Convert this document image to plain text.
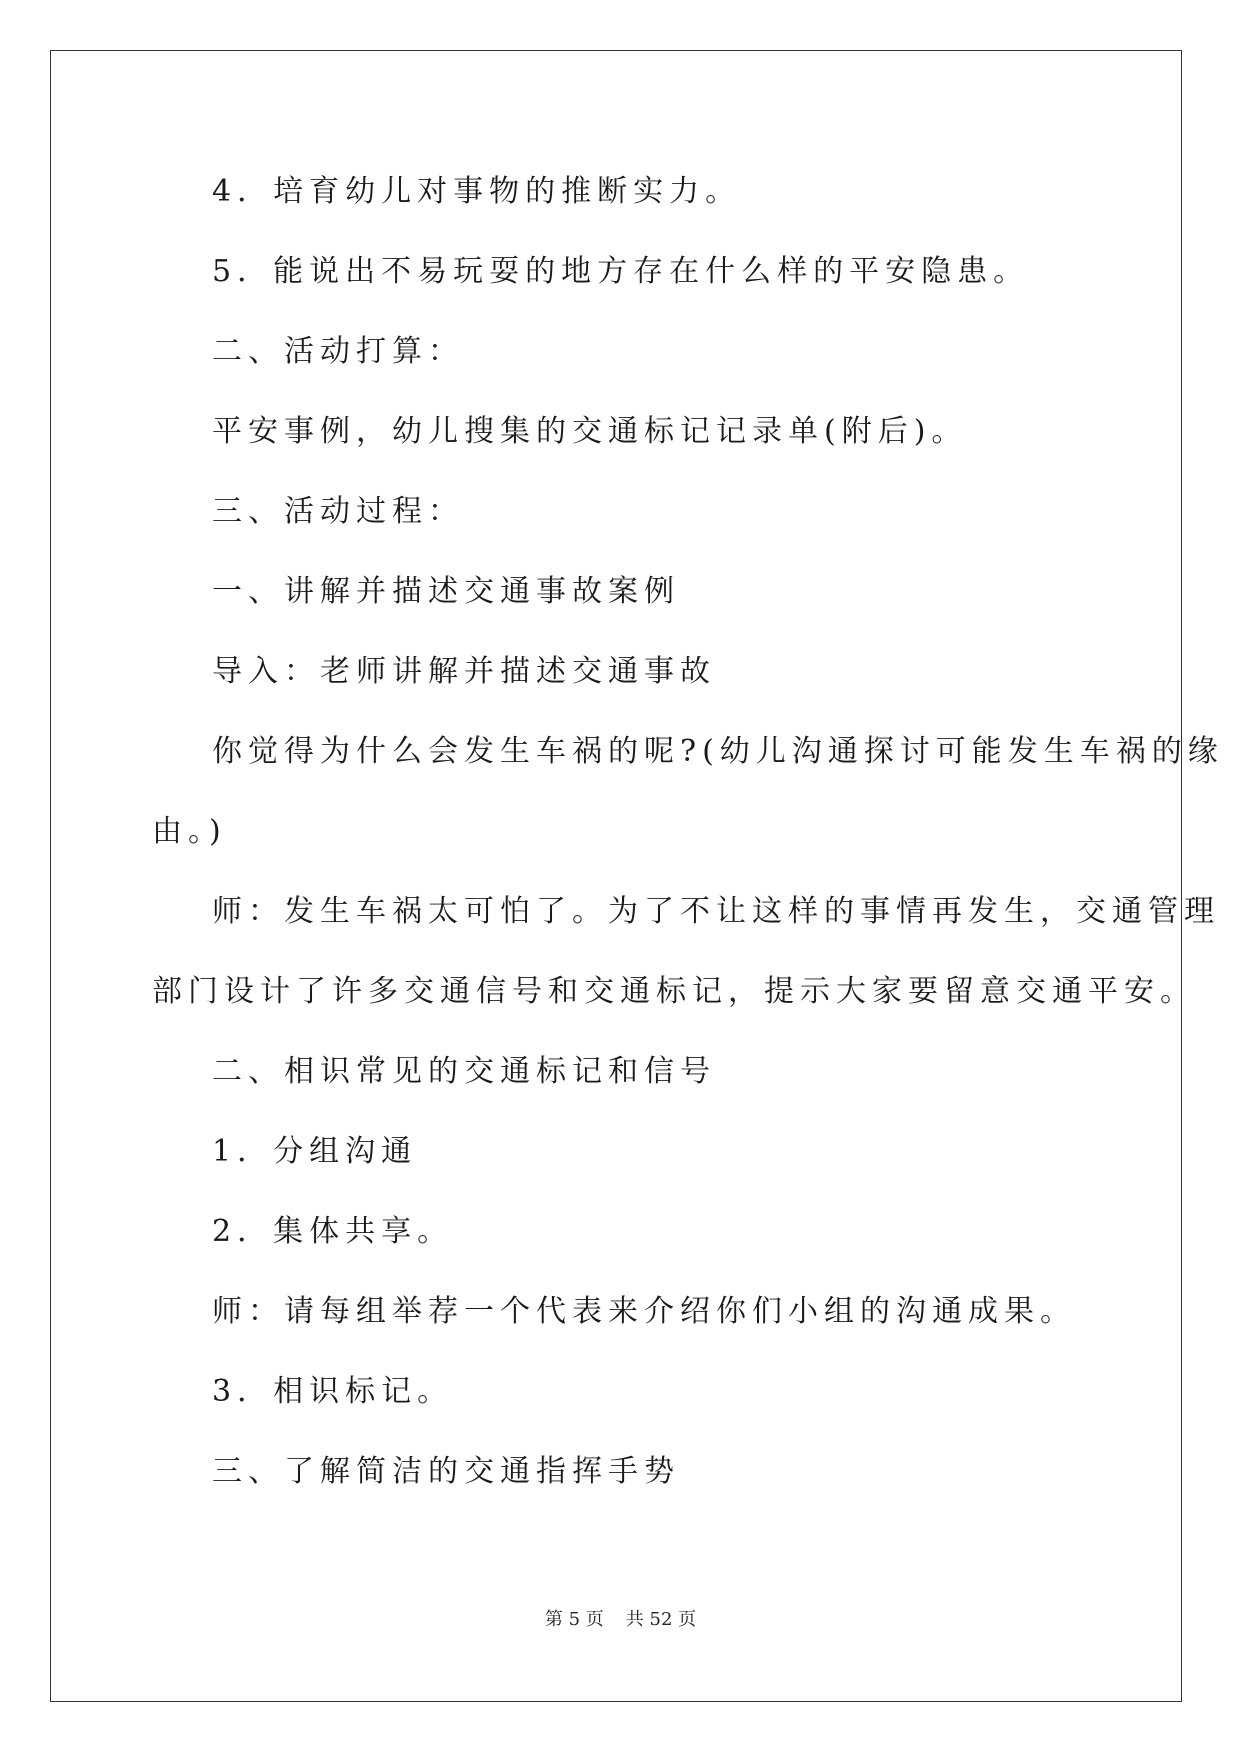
4．培育幼儿对事物的推断实力。
5．能说出不易玩耍的地方存在什么样的平安隐患。
二、活动打算：
平安事例，幼儿搜集的交通标记记录单(附后)。
三、活动过程：
一、讲解并描述交通事故案例
导入：老师讲解并描述交通事故
你觉得为什么会发生车祸的呢?(幼儿沟通探讨可能发生车祸的缘
由。)
师：发生车祸太可怕了。为了不让这样的事情再发生，交通管理
部门设计了许多交通信号和交通标记，提示大家要留意交通平安。
二、相识常见的交通标记和信号
1．分组沟通
2．集体共享。
师：请每组举荐一个代表来介绍你们小组的沟通成果。
3．相识标记。
三、了解简洁的交通指挥手势
第 5 页 共 52 页
